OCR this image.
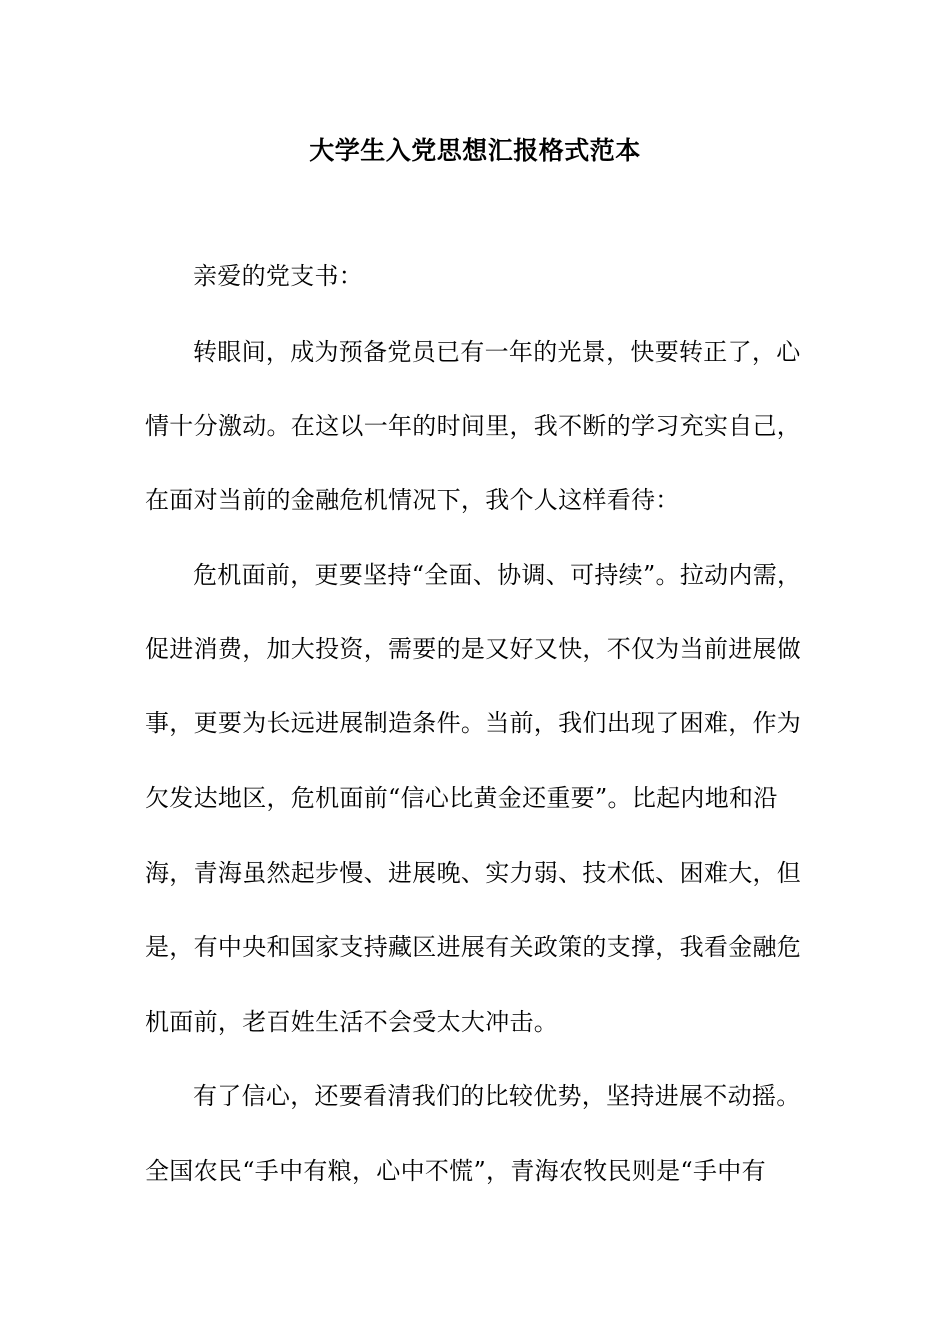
大学生入党思想汇报格式范本
亲爱的党支书：
转眼间，成为预备党员已有一年的光景，快要转正了，心
情十分激动。在这以一年的时间里，我不断的学习充实自己，
在面对当前的金融危机情况下，我个人这样看待：
危机面前，更要坚持“全面、协调、可持续”。拉动内需，
促进消费，加大投资，需要的是又好又快，不仅为当前进展做
事，更要为长远进展制造条件。当前，我们出现了困难，作为
欠发达地区，危机面前“信心比黄金还重要”。比起内地和沿
海，青海虽然起步慢、进展晚、实力弱、技术低、困难大，但
是，有中央和国家支持藏区进展有关政策的支撑，我看金融危
机面前，老百姓生活不会受太大冲击。
有了信心，还要看清我们的比较优势，坚持进展不动摇。
全国农民“手中有粮，心中不慌”，青海农牧民则是“手中有
